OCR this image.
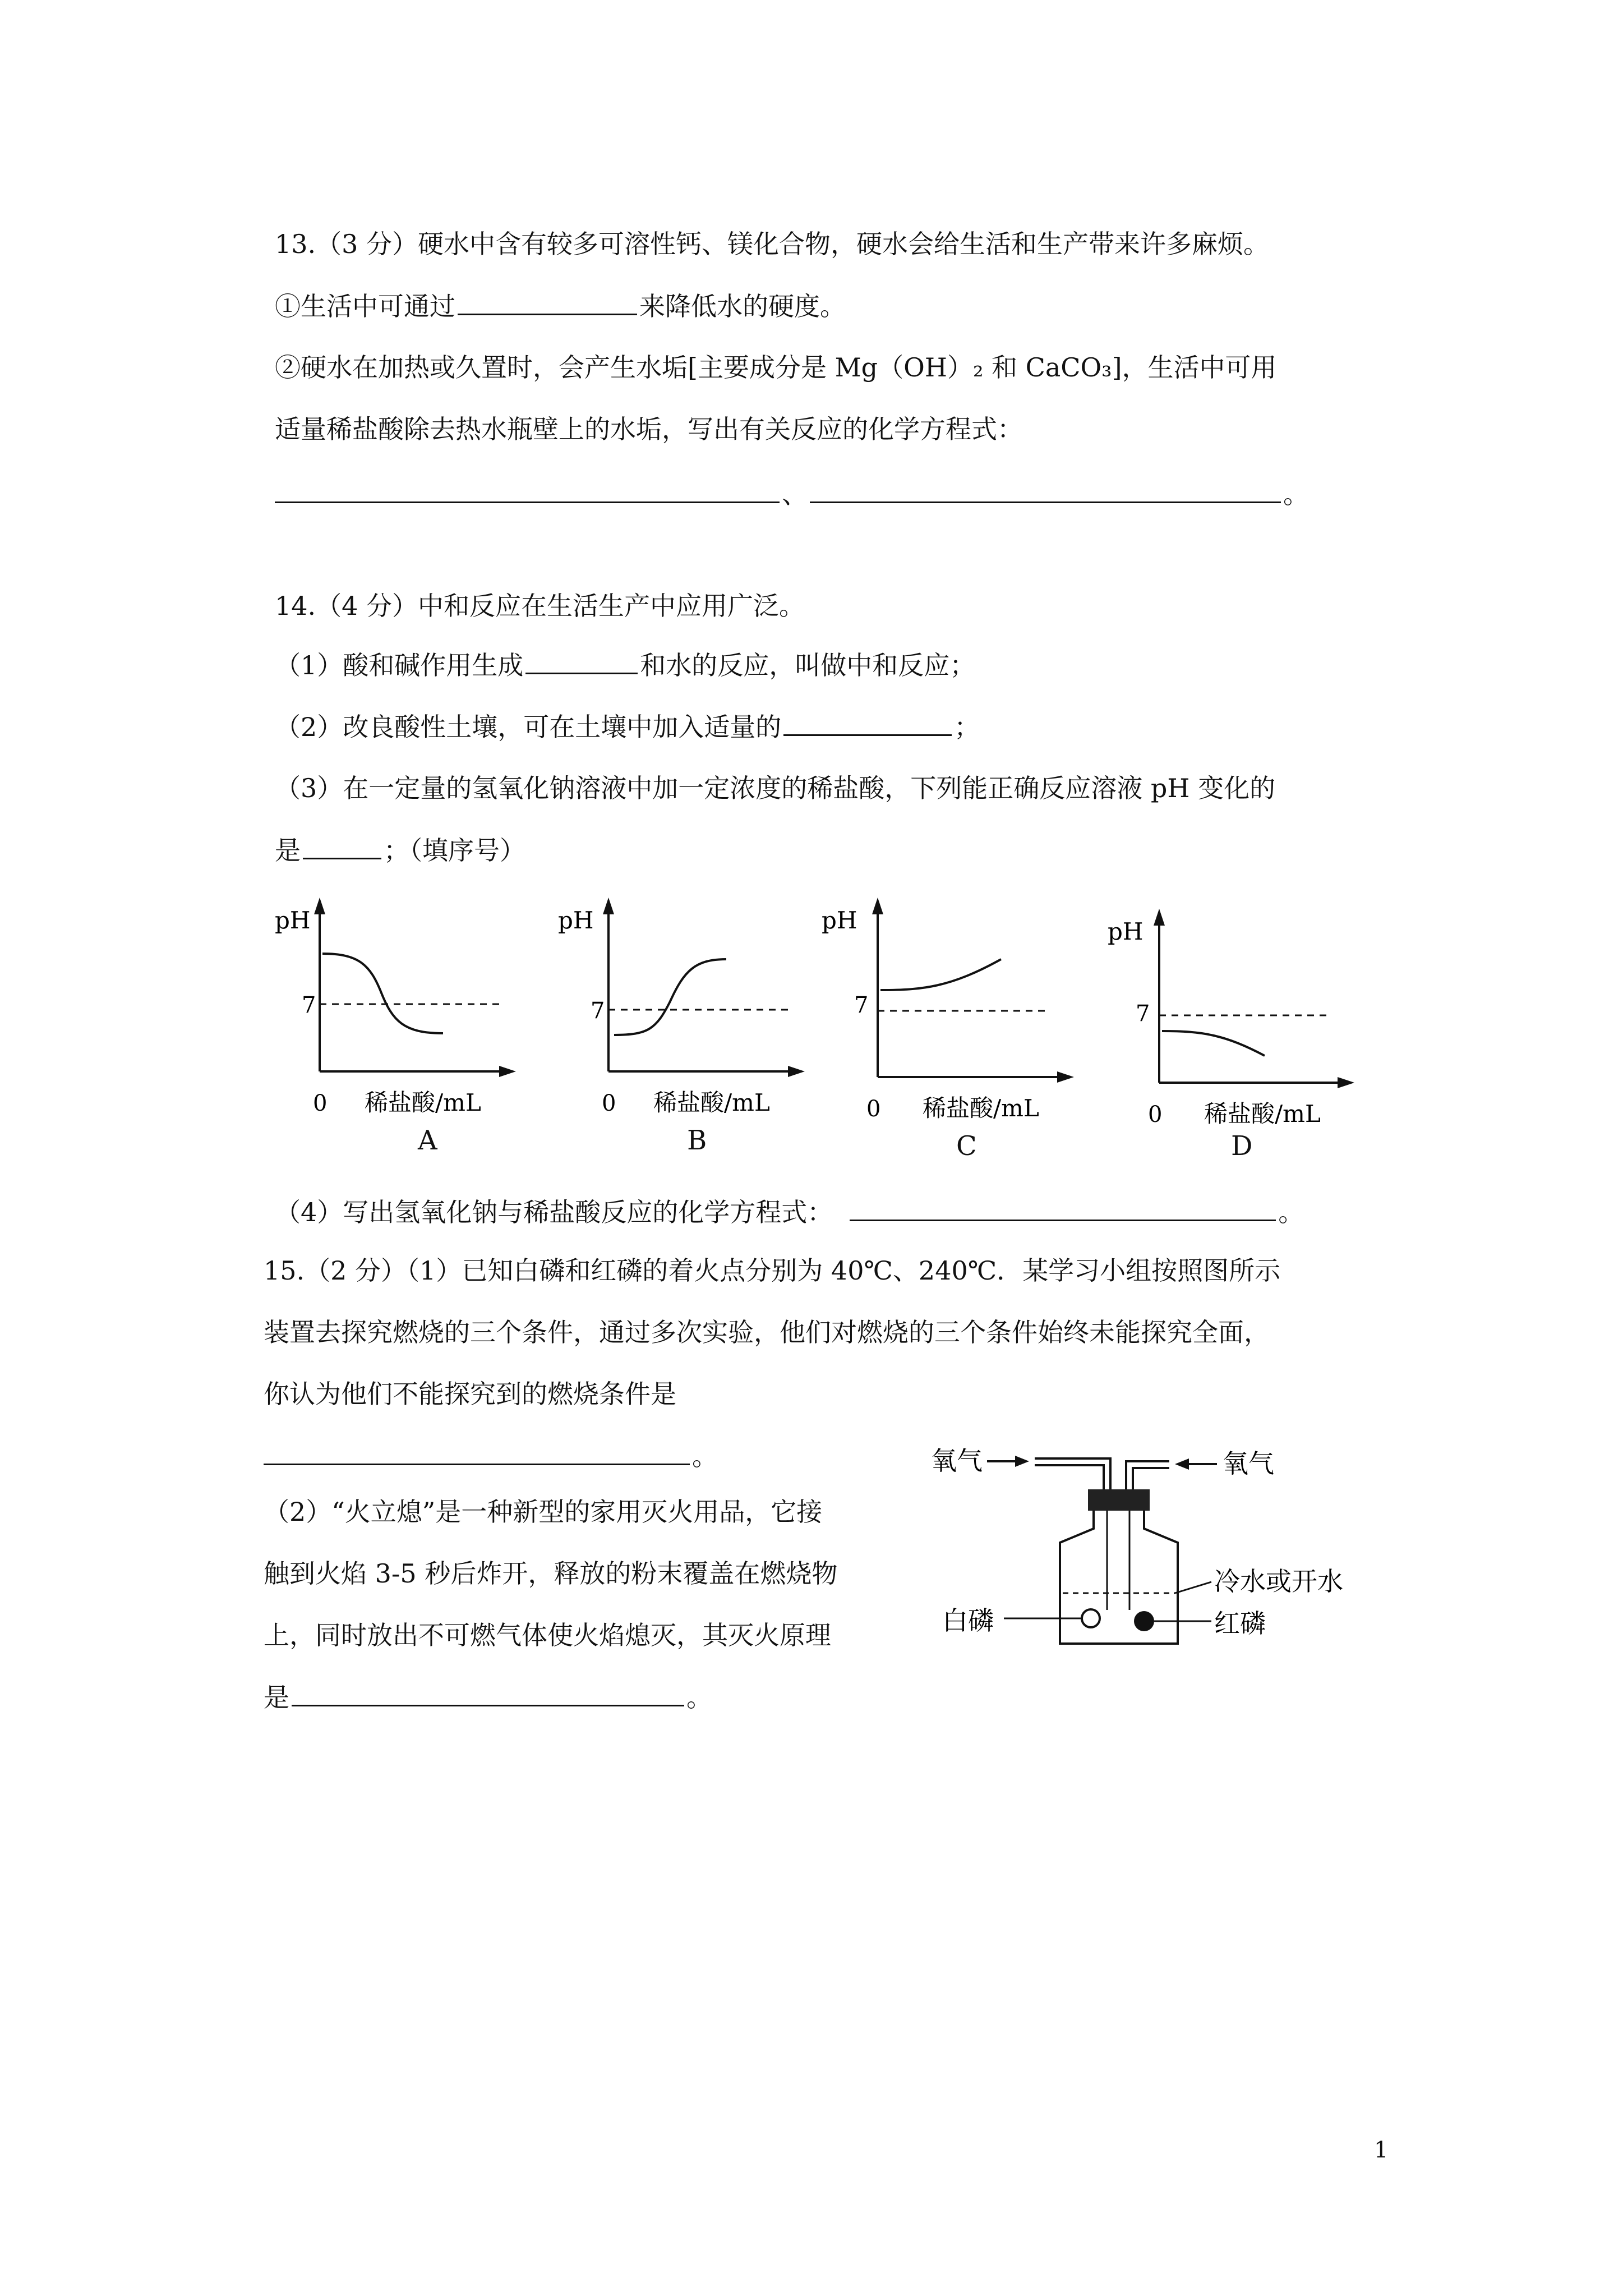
13.（3 分）硬水中含有较多可溶性钙、镁化合物，硬水会给生活和生产带来许多麻烦。
①生活中可通过	来降低水的硬度。
②硬水在加热或久置时，会产生水垢[主要成分是 Mg（OH）₂ 和 CaCO₃]，生活中可用
适量稀盐酸除去热水瓶壁上的水垢，写出有关反应的化学方程式：
、	。
14.（4 分）中和反应在生活生产中应用广泛。
（1）酸和碱作用生成	和水的反应，叫做中和反应；
（2）改良酸性土壤，可在土壤中加入适量的	；
（3）在一定量的氢氧化钠溶液中加一定浓度的稀盐酸，下列能正确反应溶液 pH 变化的
是	；（填序号）
pH
7
0 稀盐酸/mL
A
pH
7
0 稀盐酸/mL
B
pH
7
0 稀盐酸/mL
C
pH
7
0 稀盐酸/mL
D
（4）写出氢氧化钠与稀盐酸反应的化学方程式：	。
15.（2 分）（1）已知白磷和红磷的着火点分别为 40℃、240℃．某学习小组按照图所示
装置去探究燃烧的三个条件，通过多次实验，他们对燃烧的三个条件始终未能探究全面，
你认为他们不能探究到的燃烧条件是
。
（2）“火立熄”是一种新型的家用灭火用品，它接
触到火焰 3-5 秒后炸开，释放的粉末覆盖在燃烧物
上，同时放出不可燃气体使火焰熄灭，其灭火原理
是	。
氧气	氧气
冷水或开水
红磷
白磷
1
